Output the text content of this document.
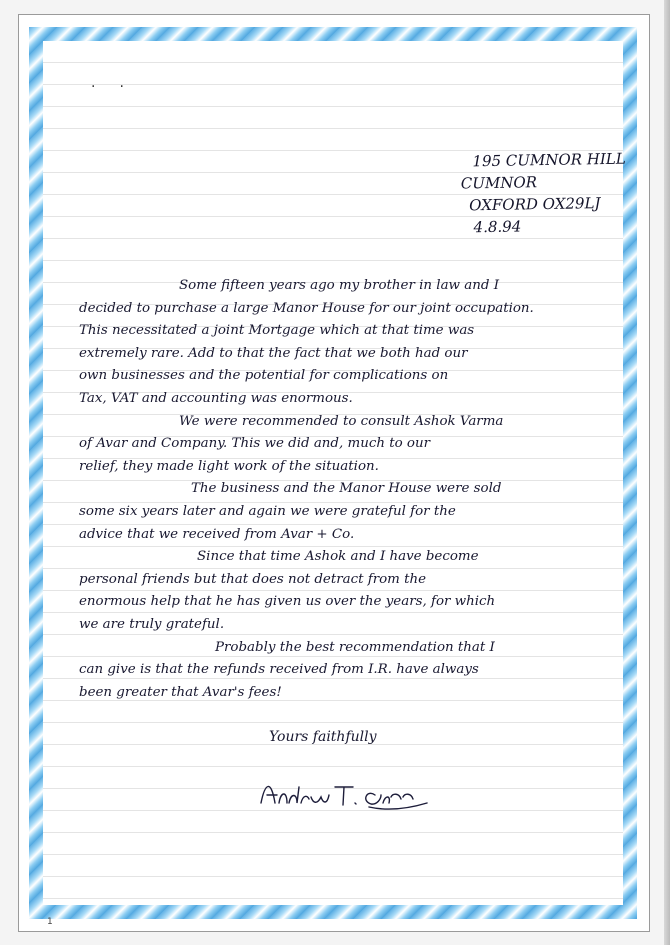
··
195 CUMNOR HILL
CUMNOR
OXFORD OX29LJ
4.8.94
Some fifteen years ago my brother in law and I
decided to purchase a large Manor House for our joint occupation.
This necessitated a joint Mortgage which at that time was
extremely rare. Add to that the fact that we both had our
own businesses and the potential for complications on
Tax, VAT and accounting was enormous.
We were recommended to consult Ashok Varma
of Avar and Company. This we did and, much to our
relief, they made light work of the situation.
The business and the Manor House were sold
some six years later and again we were grateful for the
advice that we received from Avar + Co.
Since that time Ashok and I have become
personal friends but that does not detract from the
enormous help that he has given us over the years, for which
we are truly grateful.
Probably the best recommendation that I
can give is that the refunds received from I.R. have always
been greater that Avar's fees!
Yours faithfully
1
